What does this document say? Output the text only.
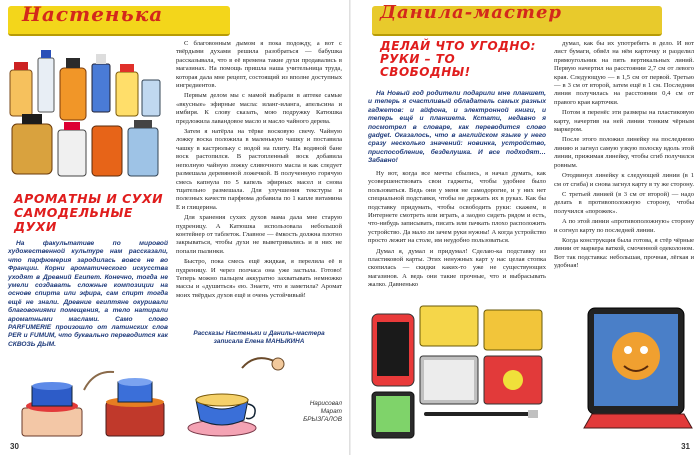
Настенька
АРОМАТНЫ И СУХИ
САМОДЕЛЬНЫЕ ДУХИ

На факультативе по мировой художественной культуре нам рассказали, что парфюмерия зародилась вовсе не во Франции. Корни ароматического искусства уходят в Древний Египет. Конечно, тогда не умели создавать сложные композиции на основе спирта или эфира, сам спирт тогда ещё не знали. Древние египтяне окуривали благовониями помещения, а тело натирали ароматными маслами. Само слово PARFUMERIE произошло от латинских слов PER и FUMUM, что буквально переводится как СКВОЗЬ ДЫМ.

С благовонным дымом я пока подожду, а вот с твёрдыми духами решила разобраться — бабушка рассказывала, что в её времена такие духи продавались в магазинах. На помощь пришла наша учительница труда, которая дала мне рецепт, состоящий из вполне доступных ингредиентов.

Первым делом мы с мамой выбрали в аптеке самые «вкусные» эфирные масла: иланг-иланга, апельсина и имбиря. К слову сказать, мою подружку Катюшка предложила лавандовое масло и масло чайного дерева.

Затем я натёрла на тёрке восковую свечу. Чайную ложку воска положила в маленькую чашку и поставила чашку в кастрюльку с водой на плиту. На водяной бане воск растопился. В растопленный воск добавила неполную чайную ложку сливочного масла и как следует размешала деревянной ложечкой. В полученную горячую смесь капнула по 5 капель эфирных масел и снова тщательно размешала. Для улучшения текстуры и полезных качеств парфюма добавила по 1 капле витамина Е и глицерина.

Для хранения сухих духов мама дала мне старую пудреницу. А Катюшка использовала небольшой контейнер от таблеток. Главное — ёмкость должна плотно закрываться, чтобы духи не выветривались и в них не попали пылинки.

Быстро, пока смесь ещё жидкая, я перелила её в пудреницу. И через полчаса она уже застыла. Готово! Теперь можно пальцем аккуратно захватывать немножко массы и «душиться» ею. Знаете, что я заметила? Аромат моих твёрдых духов ещё и очень устойчивый!

Рассказы Настеньки и Данилы-мастера
записала Елена МАНЫКИНА
Нарисовал
Марат
БРЫЗГАЛОВ
30
Данила-мастер
ДЕЛАЙ ЧТО УГОДНО:
РУКИ – ТО СВОБОДНЫ!

На Новый год родители подарили мне планшет, и теперь я счастливый обладатель самых разных гаджетов: и айфона, и электронной книги, и теперь ещё и планшета. Кстати, недавно я посмотрел в словаре, как переводится слово gadget. Оказалось, что в английском языке у него сразу несколько значений: новинка, устройство, приспособление, безделушка. И все подходят… Забавно!

Ну вот, когда все мечты сбылись, я начал думать, как усовершенствовать свои гаджеты, чтобы удобнее было пользоваться. Ведь они у меня не самодорогие, и у них нет специальной подставки, чтобы не держать их в руках. Как бы подставку придумать, чтобы освободить руки: скажем, в Интернете смотреть или играть, а заодно сидеть рядом и есть, что-нибудь записывать, писать или пачкать плохо расположить устройство. Да мало ли зачем руки нужны! А когда устройство просто лежит на столе, им неудобно пользоваться.

Думал я, думал и придумал! Сделаю-ка подставку из пластиковой карты. Этих ненужных карт у нас целая стопка скопилась — скидки каких-то уже не существующих магазинов. А ведь они такие прочные, что и выбрасывать жалко. Давненько

думал, как бы их употребить в дело. И вот лист бумаги, обвёл на нём карточку и разделил прямоугольник на пять вертикальных линий. Первую начертил на расстоянии 2,7 см от левого края. Следующую — в 1,5 см от первой. Третью — в 3 см от второй, затем ещё в 1 см. Последняя линия получилась на расстоянии 0,4 см от правого края карточки.

Потом я перенёс эти размеры на пластиковую карту, начертив на ней линии тонким чёрным маркером.

После этого положил линейку на последнюю линию и загнул самую узкую полоску вдоль этой линии, прижимая линейку, чтобы сгиб получился ровным.

Отодвинул линейку к следующей линии (в 1 см от сгиба) и снова загнул карту в ту же сторону.

С третьей линией (в 3 см от второй) — надо делать в противоположную сторону, чтобы получился «порожек».

А по этой линии «противоположную» сторону и согнул карту по последней линии.

Когда конструкция была готова, я стёр чёрные линии от маркера ваткой, смоченной одеколоном. Вот так подставка: небольшая, прочная, лёгкая и удобная!

31
